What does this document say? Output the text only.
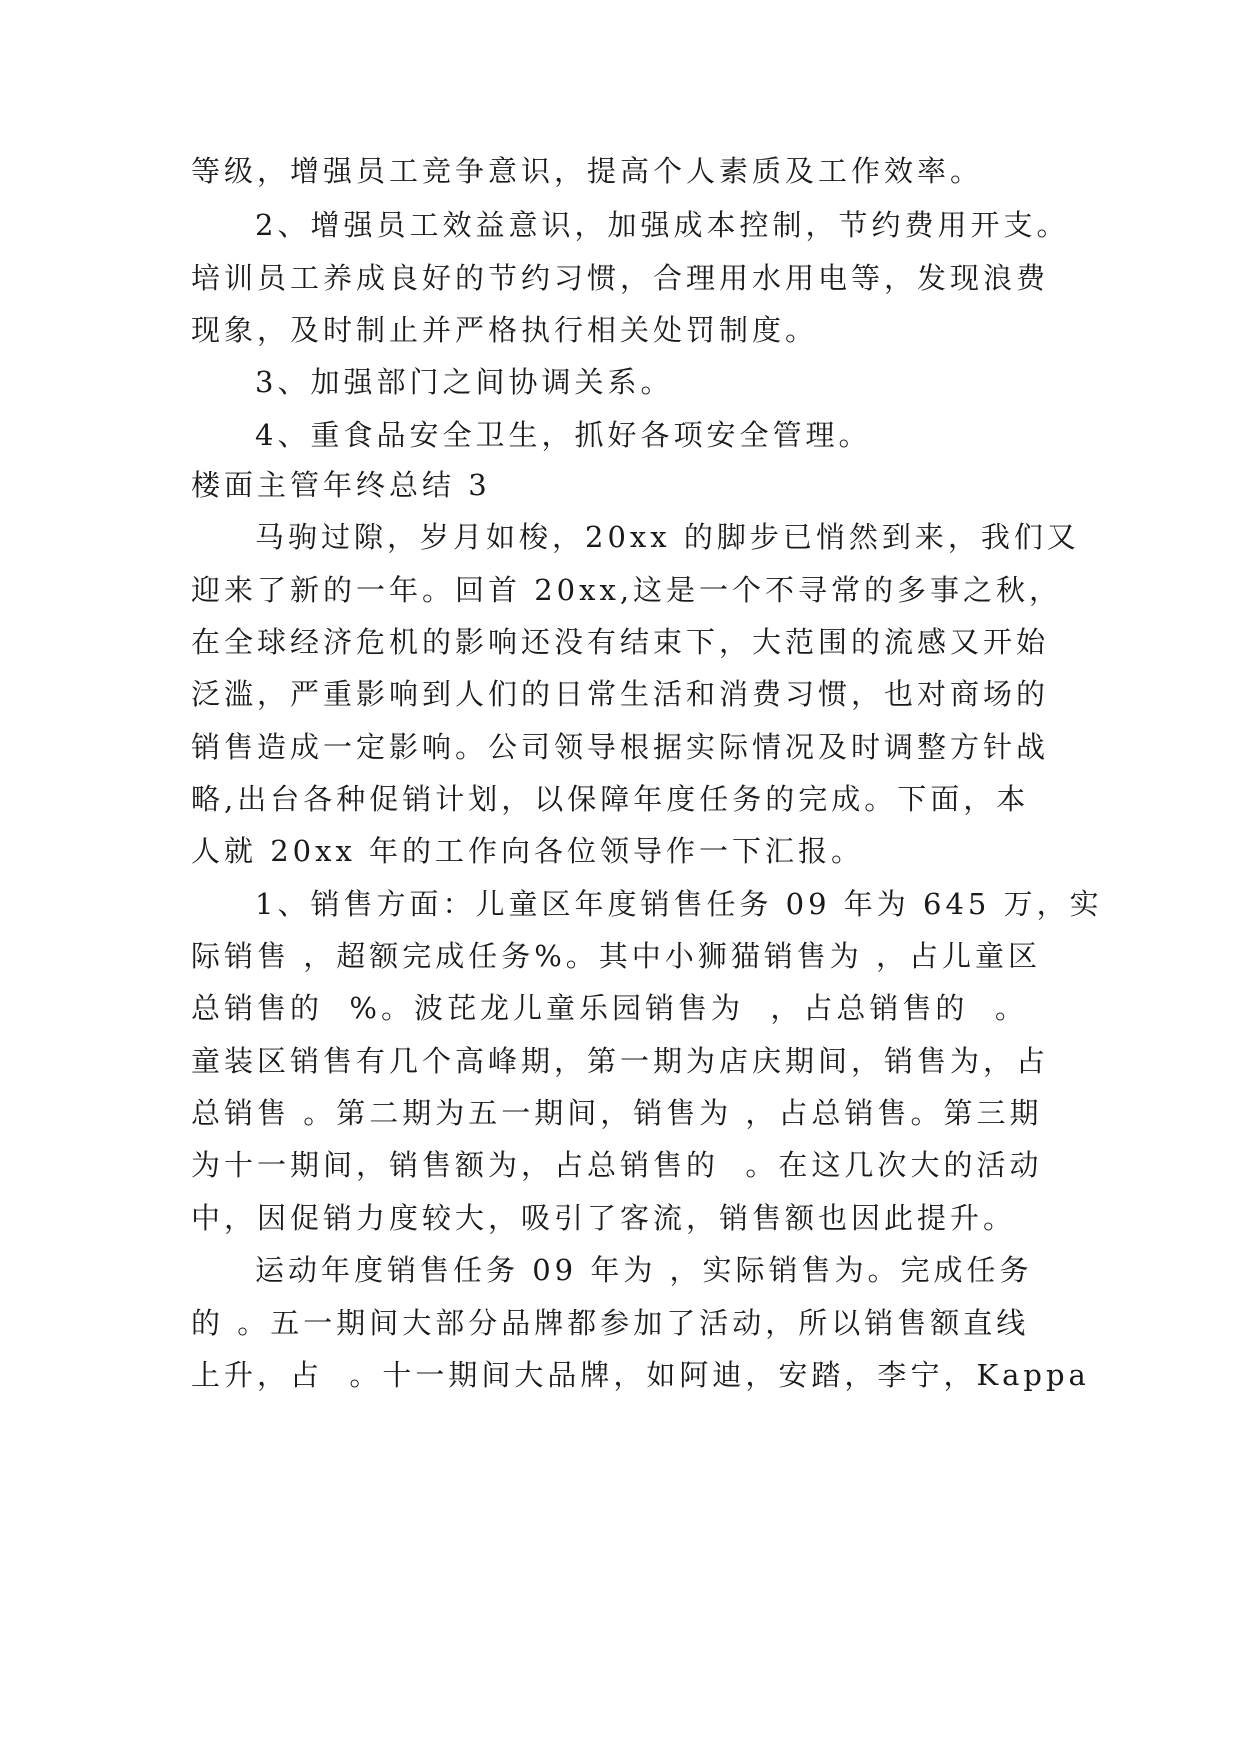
等级，增强员工竞争意识，提高个人素质及工作效率。
2、增强员工效益意识，加强成本控制，节约费用开支。
培训员工养成良好的节约习惯，合理用水用电等，发现浪费
现象，及时制止并严格执行相关处罚制度。
3、加强部门之间协调关系。
4、重食品安全卫生，抓好各项安全管理。
楼面主管年终总结 3
马驹过隙，岁月如梭，20xx 的脚步已悄然到来，我们又
迎来了新的一年。回首 20xx,这是一个不寻常的多事之秋，
在全球经济危机的影响还没有结束下，大范围的流感又开始
泛滥，严重影响到人们的日常生活和消费习惯，也对商场的
销售造成一定影响。公司领导根据实际情况及时调整方针战
略,出台各种促销计划，以保障年度任务的完成。下面，本
人就 20xx 年的工作向各位领导作一下汇报。
1、销售方面：儿童区年度销售任务 09 年为 645 万，实
际销售 ，超额完成任务%。其中小狮猫销售为 ，占儿童区
总销售的  %。波芘龙儿童乐园销售为  ，占总销售的  。
童装区销售有几个高峰期，第一期为店庆期间，销售为，占
总销售 。第二期为五一期间，销售为 ，占总销售。第三期
为十一期间，销售额为，占总销售的  。在这几次大的活动
中，因促销力度较大，吸引了客流，销售额也因此提升。
运动年度销售任务 09 年为 ，实际销售为。完成任务
的 。五一期间大部分品牌都参加了活动，所以销售额直线
上升，占  。十一期间大品牌，如阿迪，安踏，李宁，Kappa
